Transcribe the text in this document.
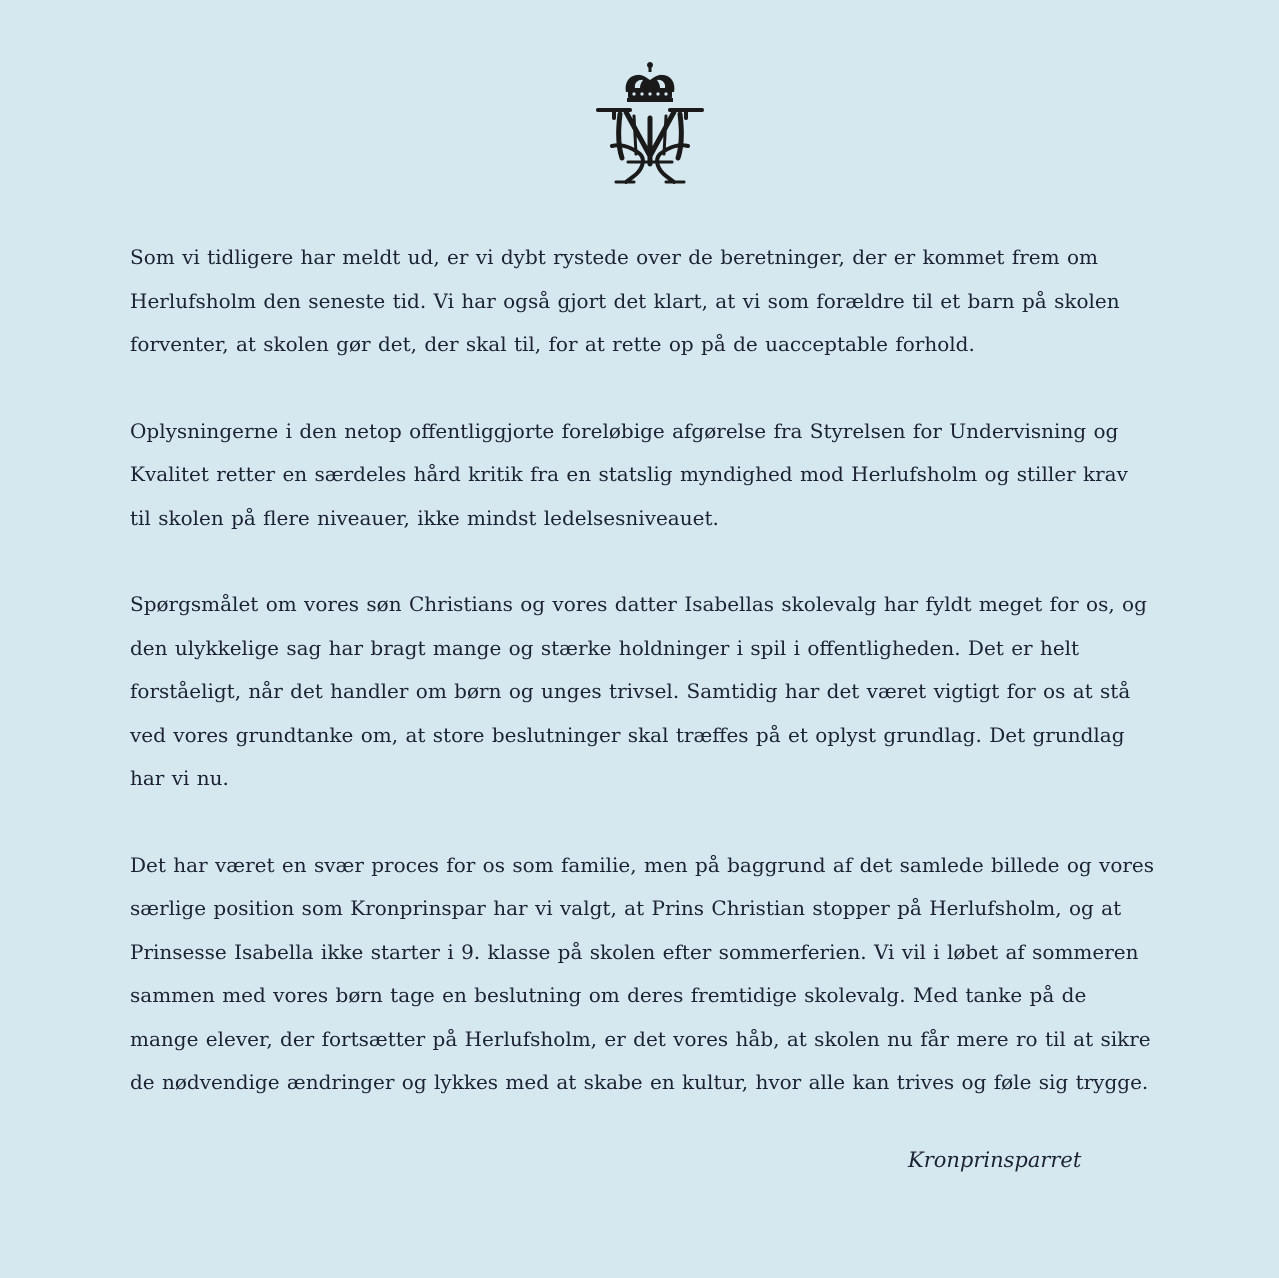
Som vi tidligere har meldt ud, er vi dybt rystede over de beretninger, der er kommet frem om
Herlufsholm den seneste tid. Vi har også gjort det klart, at vi som forældre til et barn på skolen
forventer, at skolen gør det, der skal til, for at rette op på de uacceptable forhold.

Oplysningerne i den netop offentliggjorte foreløbige afgørelse fra Styrelsen for Undervisning og
Kvalitet retter en særdeles hård kritik fra en statslig myndighed mod Herlufsholm og stiller krav
til skolen på flere niveauer, ikke mindst ledelsesniveauet.

Spørgsmålet om vores søn Christians og vores datter Isabellas skolevalg har fyldt meget for os, og
den ulykkelige sag har bragt mange og stærke holdninger i spil i offentligheden. Det er helt
forståeligt, når det handler om børn og unges trivsel. Samtidig har det været vigtigt for os at stå
ved vores grundtanke om, at store beslutninger skal træffes på et oplyst grundlag. Det grundlag
har vi nu.

Det har været en svær proces for os som familie, men på baggrund af det samlede billede og vores
særlige position som Kronprinspar har vi valgt, at Prins Christian stopper på Herlufsholm, og at
Prinsesse Isabella ikke starter i 9. klasse på skolen efter sommerferien. Vi vil i løbet af sommeren
sammen med vores børn tage en beslutning om deres fremtidige skolevalg. Med tanke på de
mange elever, der fortsætter på Herlufsholm, er det vores håb, at skolen nu får mere ro til at sikre
de nødvendige ændringer og lykkes med at skabe en kultur, hvor alle kan trives og føle sig trygge.

Kronprinsparret
